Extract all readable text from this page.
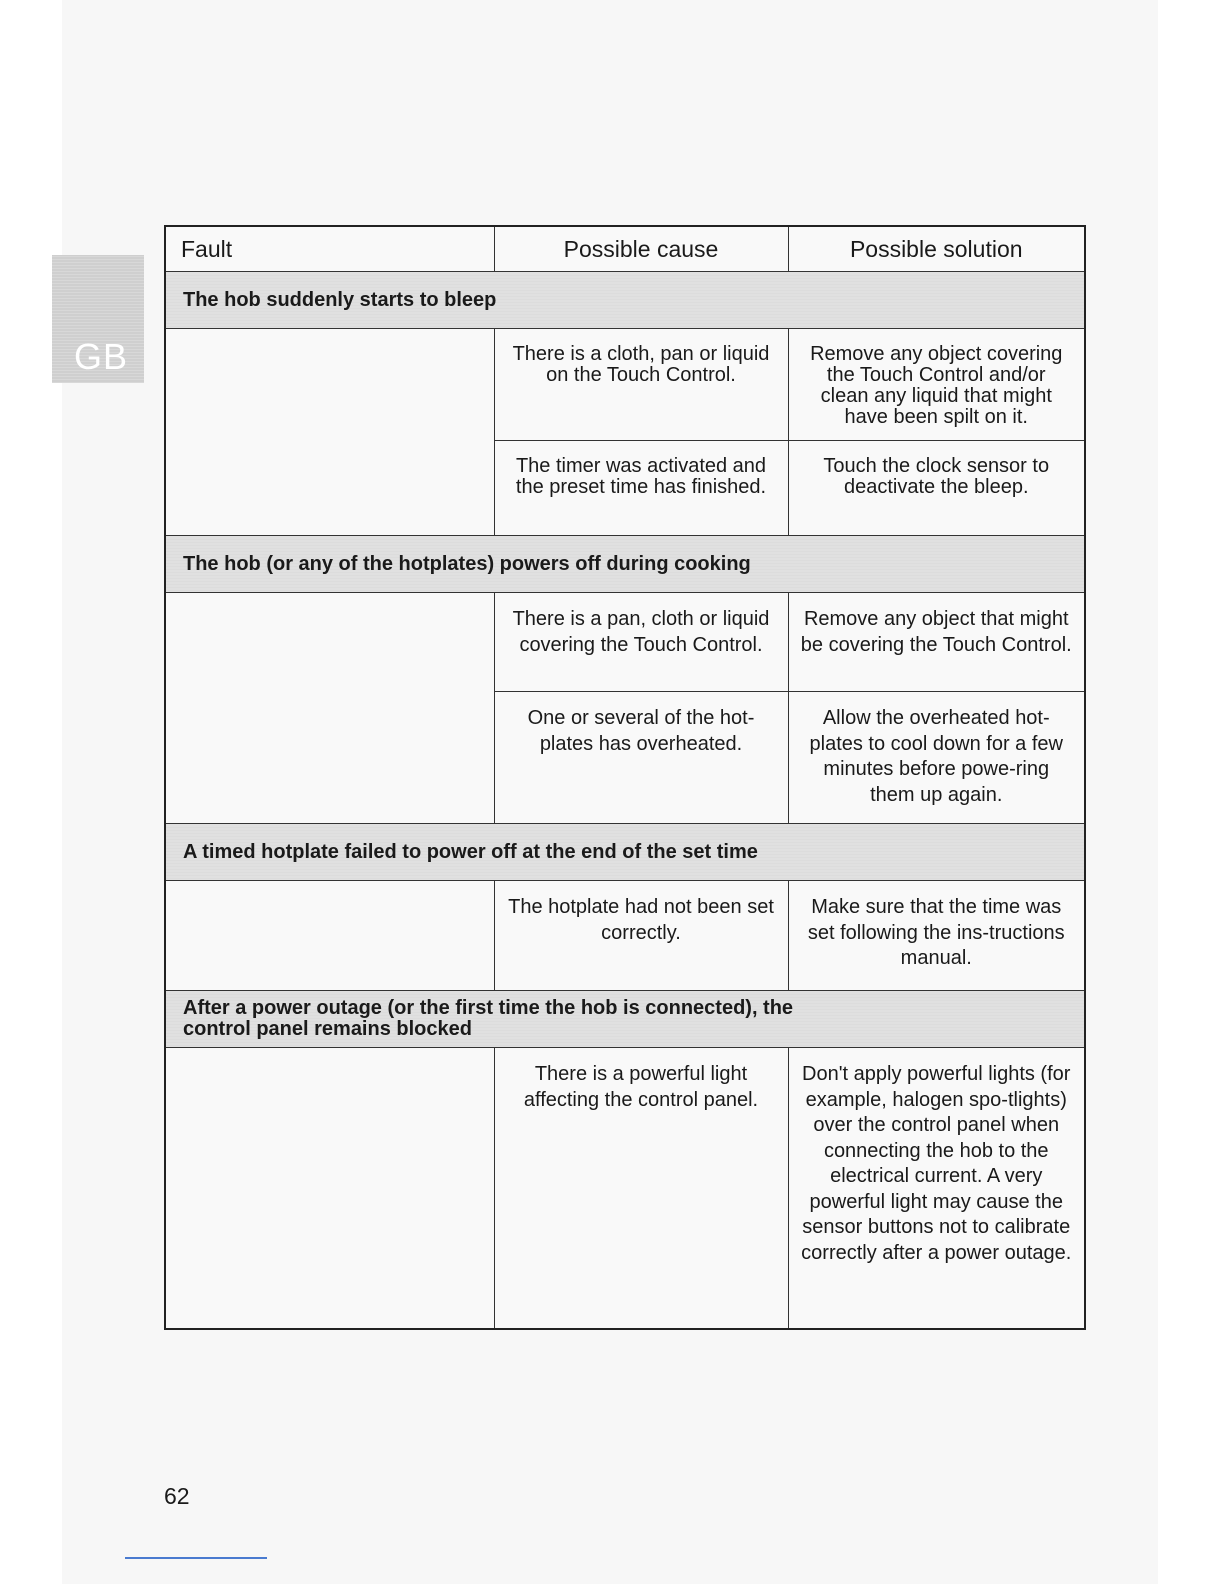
GB
Fault	Possible cause	Possible solution
The hob suddenly starts to bleep		
	There is a cloth, pan or liquid on the Touch Control.	Remove any object covering the Touch Control and/or clean any liquid that might have been spilt on it.
	The timer was activated and the preset time has finished.	Touch the clock sensor to deactivate the bleep.
The hob (or any of the hotplates) powers off during cooking		
	There is a pan, cloth or liquid covering the Touch Control.	Remove any object that might be covering the Touch Control.
	One or several of the hot-plates has overheated.	Allow the overheated hot-plates to cool down for a few minutes before powe-ring them up again.
A timed hotplate failed to power off at the end of the set time		
	The hotplate had not been set correctly.	Make sure that the time was set following the ins-tructions manual.
After a power outage (or the first time the hob is connected), the control panel remains blocked		
	There is a powerful light affecting the control panel.	Don't apply powerful lights (for example, halogen spo-tlights) over the control panel when connecting the hob to the electrical current. A very powerful light may cause the sensor buttons not to calibrate correctly after a power outage.
62
